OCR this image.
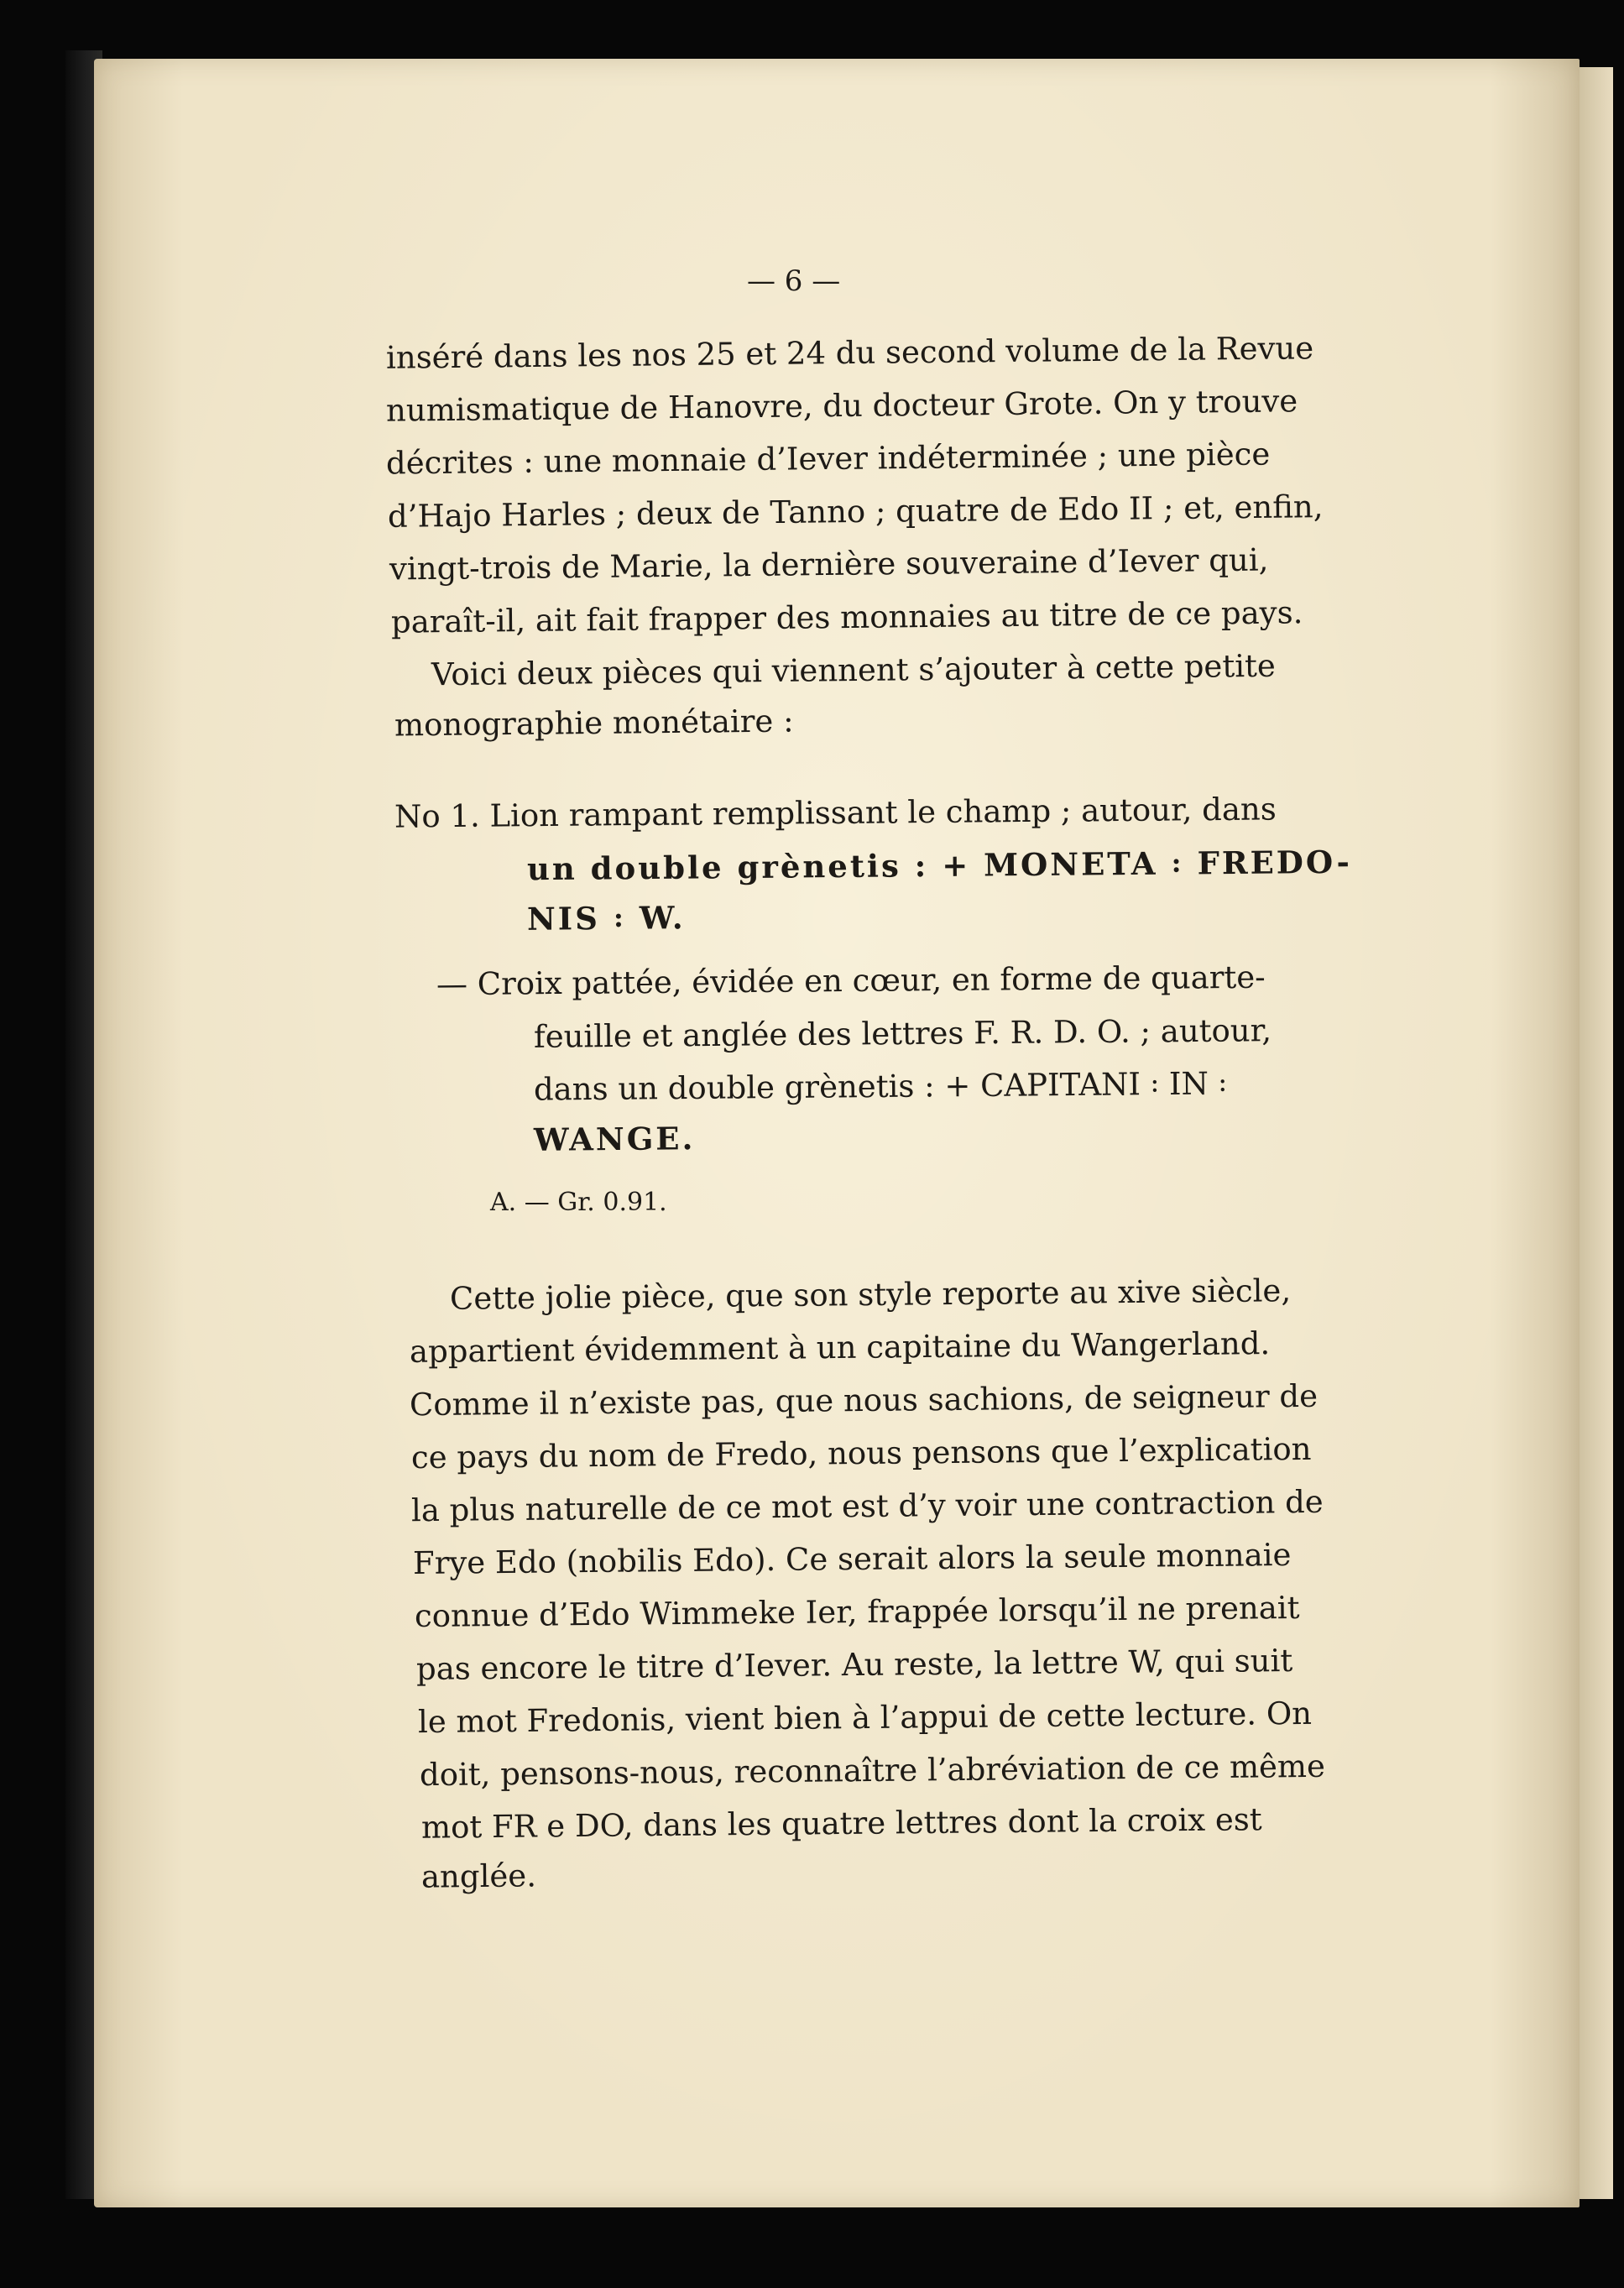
— 6 —
inséré dans les nos 25 et 24 du second volume de la Revue
numismatique de Hanovre, du docteur Grote. On y trouve
décrites : une monnaie d’Iever indéterminée ; une pièce
d’Hajo Harles ; deux de Tanno ; quatre de Edo II ; et, enfin,
vingt-trois de Marie, la dernière souveraine d’Iever qui,
paraît-il, ait fait frapper des monnaies au titre de ce pays.
Voici deux pièces qui viennent s’ajouter à cette petite
monographie monétaire :
No 1. Lion rampant remplissant le champ ; autour, dans
un double grènetis : + MONETA ꞉ FREDO-
NIS ꞉ W.
— Croix pattée, évidée en cœur, en forme de quarte-
feuille et anglée des lettres F. R. D. O. ; autour,
dans un double grènetis : + CAPITANI ꞉ IN ꞉
WANGE.
A. — Gr. 0.91.
Cette jolie pièce, que son style reporte au xive siècle,
appartient évidemment à un capitaine du Wangerland.
Comme il n’existe pas, que nous sachions, de seigneur de
ce pays du nom de Fredo, nous pensons que l’explication
la plus naturelle de ce mot est d’y voir une contraction de
Frye Edo (nobilis Edo). Ce serait alors la seule monnaie
connue d’Edo Wimmeke Ier, frappée lorsqu’il ne prenait
pas encore le titre d’Iever. Au reste, la lettre W, qui suit
le mot Fredonis, vient bien à l’appui de cette lecture. On
doit, pensons-nous, reconnaître l’abréviation de ce même
mot FR e DO, dans les quatre lettres dont la croix est
anglée.
